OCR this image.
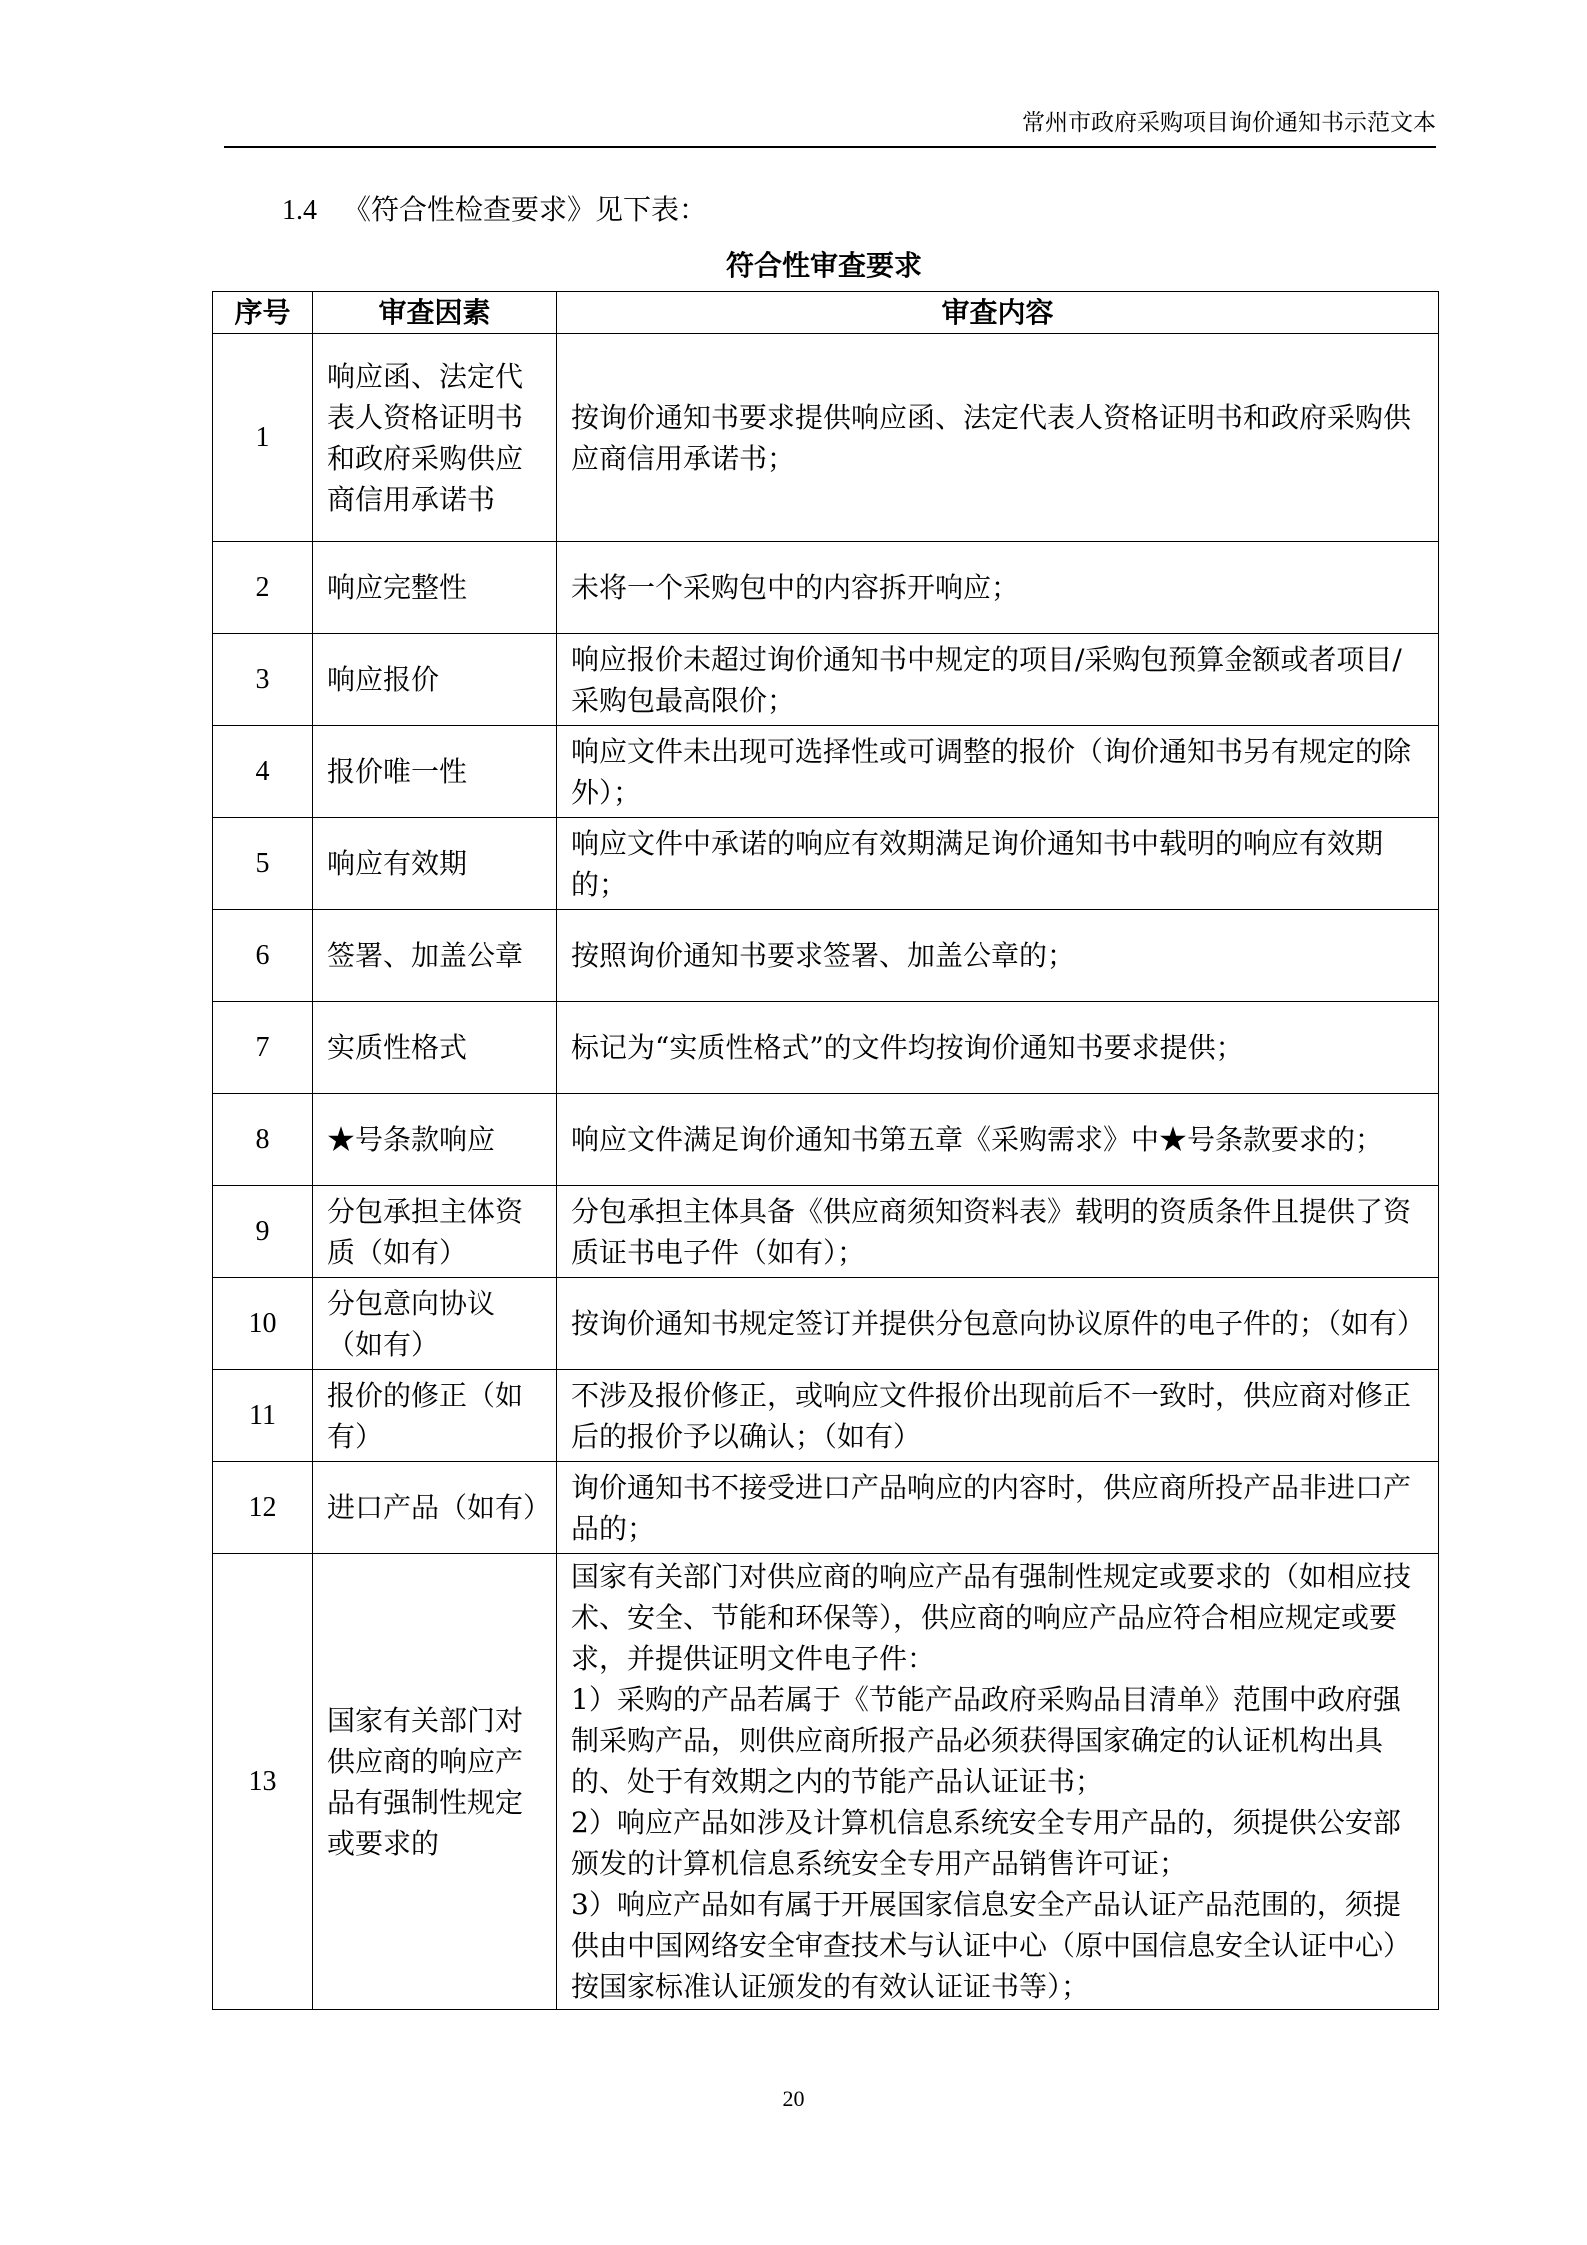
常州市政府采购项目询价通知书示范文本
1.4 《符合性检查要求》见下表：
符合性审查要求
序号	审查因素	审查内容
1	响应函、法定代表人资格证明书和政府采购供应商信用承诺书	按询价通知书要求提供响应函、法定代表人资格证明书和政府采购供应商信用承诺书；
2	响应完整性	未将一个采购包中的内容拆开响应；
3	响应报价	响应报价未超过询价通知书中规定的项目/采购包预算金额或者项目/采购包最高限价；
4	报价唯一性	响应文件未出现可选择性或可调整的报价（询价通知书另有规定的除外）；
5	响应有效期	响应文件中承诺的响应有效期满足询价通知书中载明的响应有效期的；
6	签署、加盖公章	按照询价通知书要求签署、加盖公章的；
7	实质性格式	标记为“实质性格式”的文件均按询价通知书要求提供；
8	★号条款响应	响应文件满足询价通知书第五章《采购需求》中★号条款要求的；
9	分包承担主体资质（如有）	分包承担主体具备《供应商须知资料表》载明的资质条件且提供了资质证书电子件（如有）；
10	分包意向协议（如有）	按询价通知书规定签订并提供分包意向协议原件的电子件的；（如有）
11	报价的修正（如有）	不涉及报价修正，或响应文件报价出现前后不一致时，供应商对修正后的报价予以确认；（如有）
12	进口产品（如有）	询价通知书不接受进口产品响应的内容时，供应商所投产品非进口产品的；
13	国家有关部门对供应商的响应产品有强制性规定或要求的	国家有关部门对供应商的响应产品有强制性规定或要求的（如相应技术、安全、节能和环保等），供应商的响应产品应符合相应规定或要求，并提供证明文件电子件：
1）采购的产品若属于《节能产品政府采购品目清单》范围中政府强制采购产品，则供应商所报产品必须获得国家确定的认证机构出具的、处于有效期之内的节能产品认证证书；
2）响应产品如涉及计算机信息系统安全专用产品的，须提供公安部颁发的计算机信息系统安全专用产品销售许可证；
3）响应产品如有属于开展国家信息安全产品认证产品范围的，须提供由中国网络安全审查技术与认证中心（原中国信息安全认证中心）按国家标准认证颁发的有效认证证书等）；
20
